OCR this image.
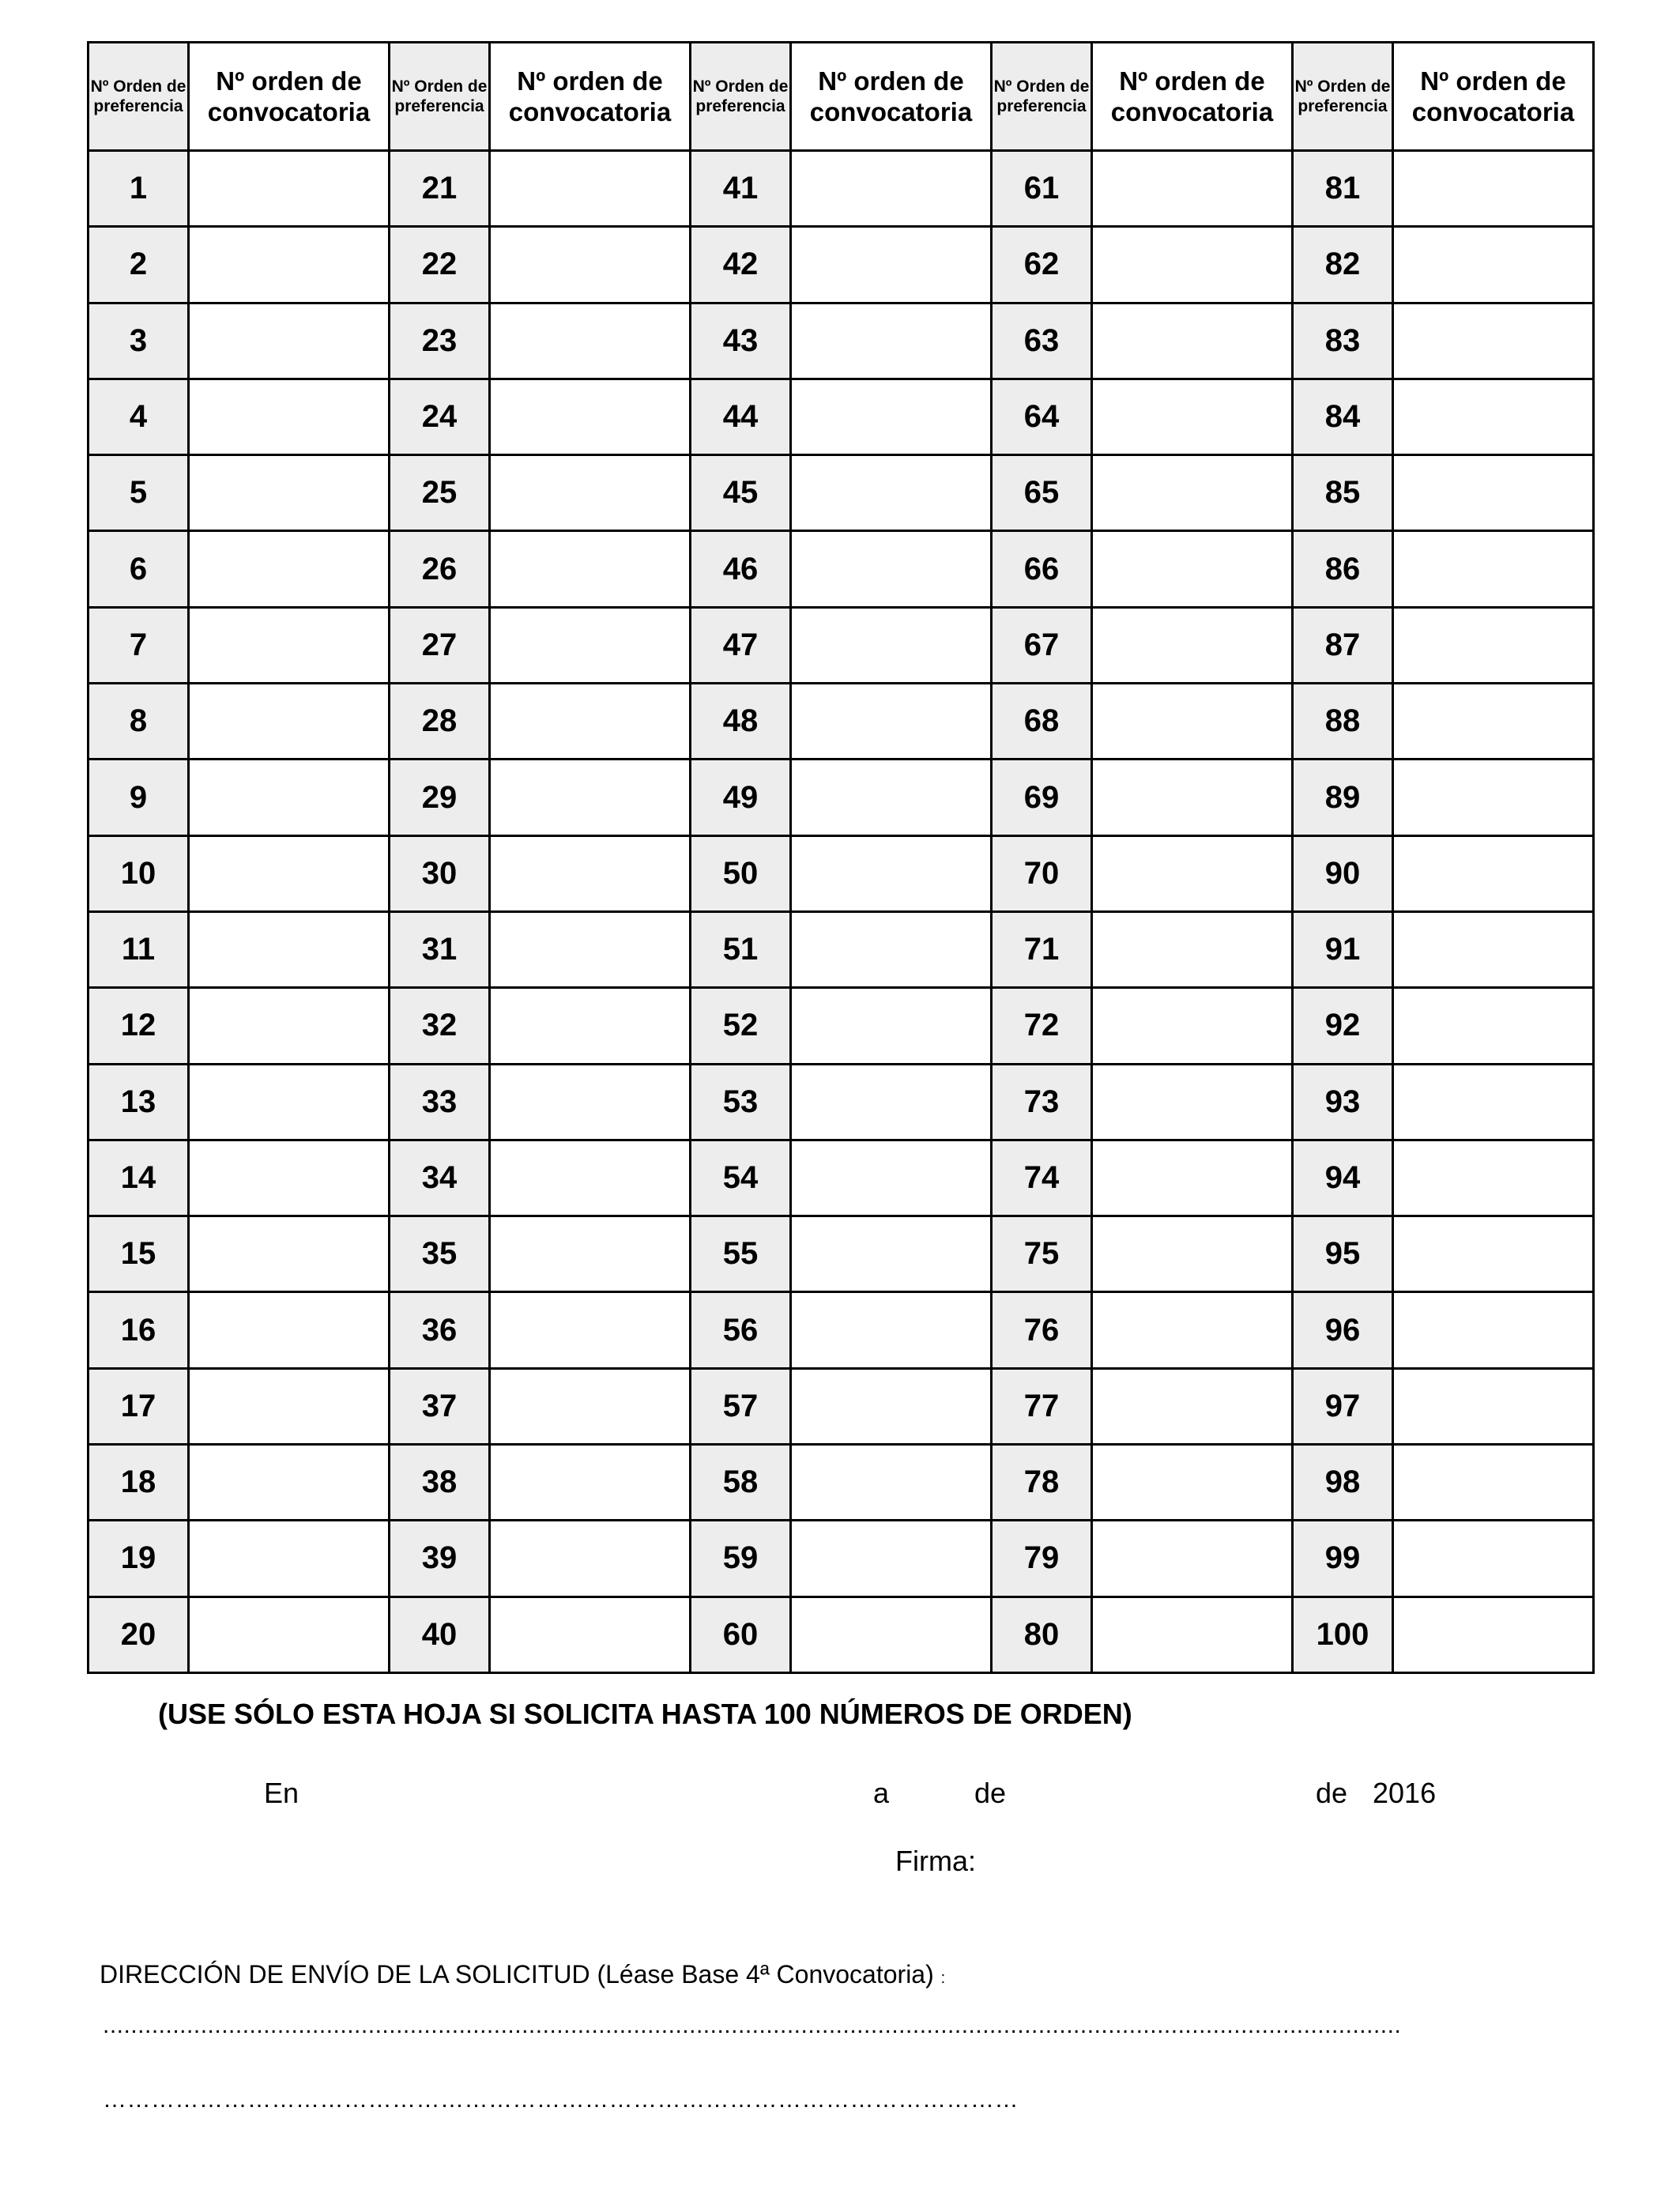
Nº Orden de preferencia	Nº orden de convocatoria	Nº Orden de preferencia	Nº orden de convocatoria	Nº Orden de preferencia	Nº orden de convocatoria	Nº Orden de preferencia	Nº orden de convocatoria	Nº Orden de preferencia	Nº orden de convocatoria
1		21		41		61		81	
2		22		42		62		82	
3		23		43		63		83	
4		24		44		64		84	
5		25		45		65		85	
6		26		46		66		86	
7		27		47		67		87	
8		28		48		68		88	
9		29		49		69		89	
10		30		50		70		90	
11		31		51		71		91	
12		32		52		72		92	
13		33		53		73		93	
14		34		54		74		94	
15		35		55		75		95	
16		36		56		76		96	
17		37		57		77		97	
18		38		58		78		98	
19		39		59		79		99	
20		40		60		80		100	
(USE SÓLO ESTA HOJA SI SOLICITA HASTA 100 NÚMEROS DE ORDEN)
En	a	de	de 2016
Firma:
DIRECCIÓN DE ENVÍO DE LA SOLICITUD (Léase Base 4ª Convocatoria) :
..........................................................................................................................................................................................
……………………………………………………………………………………………………
